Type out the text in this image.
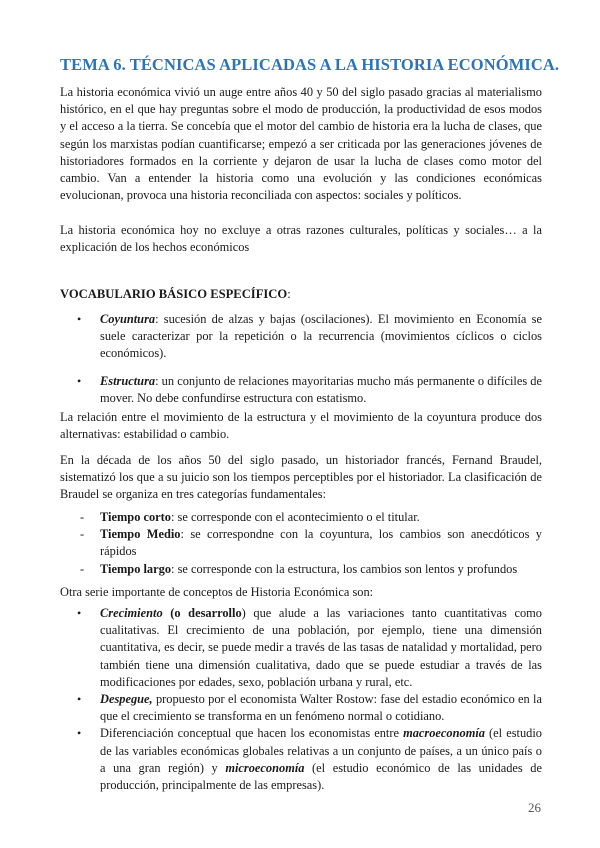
TEMA 6. TÉCNICAS APLICADAS A LA HISTORIA ECONÓMICA.
La historia económica vivió un auge entre años 40 y 50 del siglo pasado gracias al materialismo histórico, en el que hay preguntas sobre el modo de producción, la productividad de esos modos y el acceso a la tierra. Se concebía que el motor del cambio de historia era la lucha de clases, que según los marxistas podían cuantificarse; empezó a ser criticada por las generaciones jóvenes de historiadores formados en la corriente y dejaron de usar la lucha de clases como motor del cambio. Van a entender la historia como una evolución y las condiciones económicas evolucionan, provoca una historia reconciliada con aspectos: sociales y políticos.
La historia económica hoy no excluye a otras razones culturales, políticas y sociales… a la explicación de los hechos económicos
VOCABULARIO BÁSICO ESPECÍFICO:
• Coyuntura: sucesión de alzas y bajas (oscilaciones). El movimiento en Economía se suele caracterizar por la repetición o la recurrencia (movimientos cíclicos o ciclos económicos).
• Estructura: un conjunto de relaciones mayoritarias mucho más permanente o difíciles de mover. No debe confundirse estructura con estatismo.
La relación entre el movimiento de la estructura y el movimiento de la coyuntura produce dos alternativas: estabilidad o cambio.
En la década de los años 50 del siglo pasado, un historiador francés, Fernand Braudel, sistematizó los que a su juicio son los tiempos perceptibles por el historiador. La clasificación de Braudel se organiza en tres categorías fundamentales:
- Tiempo corto: se corresponde con el acontecimiento o el titular.
- Tiempo Medio: se correspondne con la coyuntura, los cambios son anecdóticos y rápidos
- Tiempo largo: se corresponde con la estructura, los cambios son lentos y profundos
Otra serie importante de conceptos de Historia Económica son:
• Crecimiento (o desarrollo) que alude a las variaciones tanto cuantitativas como cualitativas. El crecimiento de una población, por ejemplo, tiene una dimensión cuantitativa, es decir, se puede medir a través de las tasas de natalidad y mortalidad, pero también tiene una dimensión cualitativa, dado que se puede estudiar a través de las modificaciones por edades, sexo, población urbana y rural, etc.
• Despegue, propuesto por el economista Walter Rostow: fase del estadio económico en la que el crecimiento se transforma en un fenómeno normal o cotidiano.
• Diferenciación conceptual que hacen los economistas entre macroeconomía (el estudio de las variables económicas globales relativas a un conjunto de países, a un único país o a una gran región) y microeconomía (el estudio económico de las unidades de producción, principalmente de las empresas).
26
